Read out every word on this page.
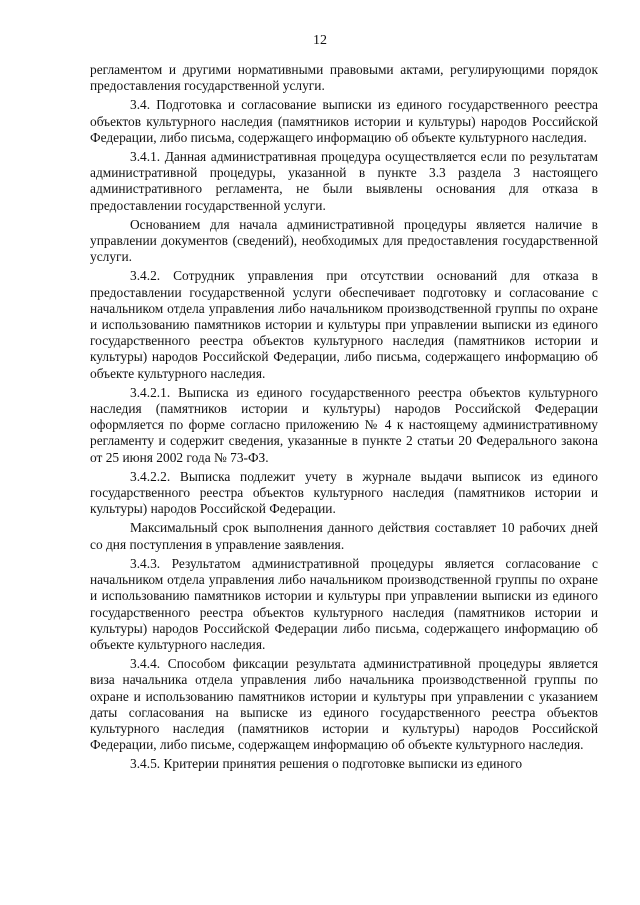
12

регламентом и другими нормативными правовыми актами, регулирующими порядок предоставления государственной услуги.

3.4. Подготовка и согласование выписки из единого государственного реестра объектов культурного наследия (памятников истории и культуры) народов Российской Федерации, либо письма, содержащего информацию об объекте культурного наследия.

3.4.1. Данная административная процедура осуществляется если по результатам административной процедуры, указанной в пункте 3.3 раздела 3 настоящего административного регламента, не были выявлены основания для отказа в предоставлении государственной услуги.

Основанием для начала административной процедуры является наличие в управлении документов (сведений), необходимых для предоставления государственной услуги.

3.4.2. Сотрудник управления при отсутствии оснований для отказа в предоставлении государственной услуги обеспечивает подготовку и согласование с начальником отдела управления либо начальником производственной группы по охране и использованию памятников истории и культуры при управлении выписки из единого государственного реестра объектов культурного наследия (памятников истории и культуры) народов Российской Федерации, либо письма, содержащего информацию об объекте культурного наследия.

3.4.2.1. Выписка из единого государственного реестра объектов культурного наследия (памятников истории и культуры) народов Российской Федерации оформляется по форме согласно приложению № 4 к настоящему административному регламенту и содержит сведения, указанные в пункте 2 статьи 20 Федерального закона от 25 июня 2002 года № 73-ФЗ.

3.4.2.2. Выписка подлежит учету в журнале выдачи выписок из единого государственного реестра объектов культурного наследия (памятников истории и культуры) народов Российской Федерации.

Максимальный срок выполнения данного действия составляет 10 рабочих дней со дня поступления в управление заявления.

3.4.3. Результатом административной процедуры является согласование с начальником отдела управления либо начальником производственной группы по охране и использованию памятников истории и культуры при управлении выписки из единого государственного реестра объектов культурного наследия (памятников истории и культуры) народов Российской Федерации либо письма, содержащего информацию об объекте культурного наследия.

3.4.4. Способом фиксации результата административной процедуры является виза начальника отдела управления либо начальника производственной группы по охране и использованию памятников истории и культуры при управлении с указанием даты согласования на выписке из единого государственного реестра объектов культурного наследия (памятников истории и культуры) народов Российской Федерации, либо письме, содержащем информацию об объекте культурного наследия.

3.4.5. Критерии принятия решения о подготовке выписки из единого
